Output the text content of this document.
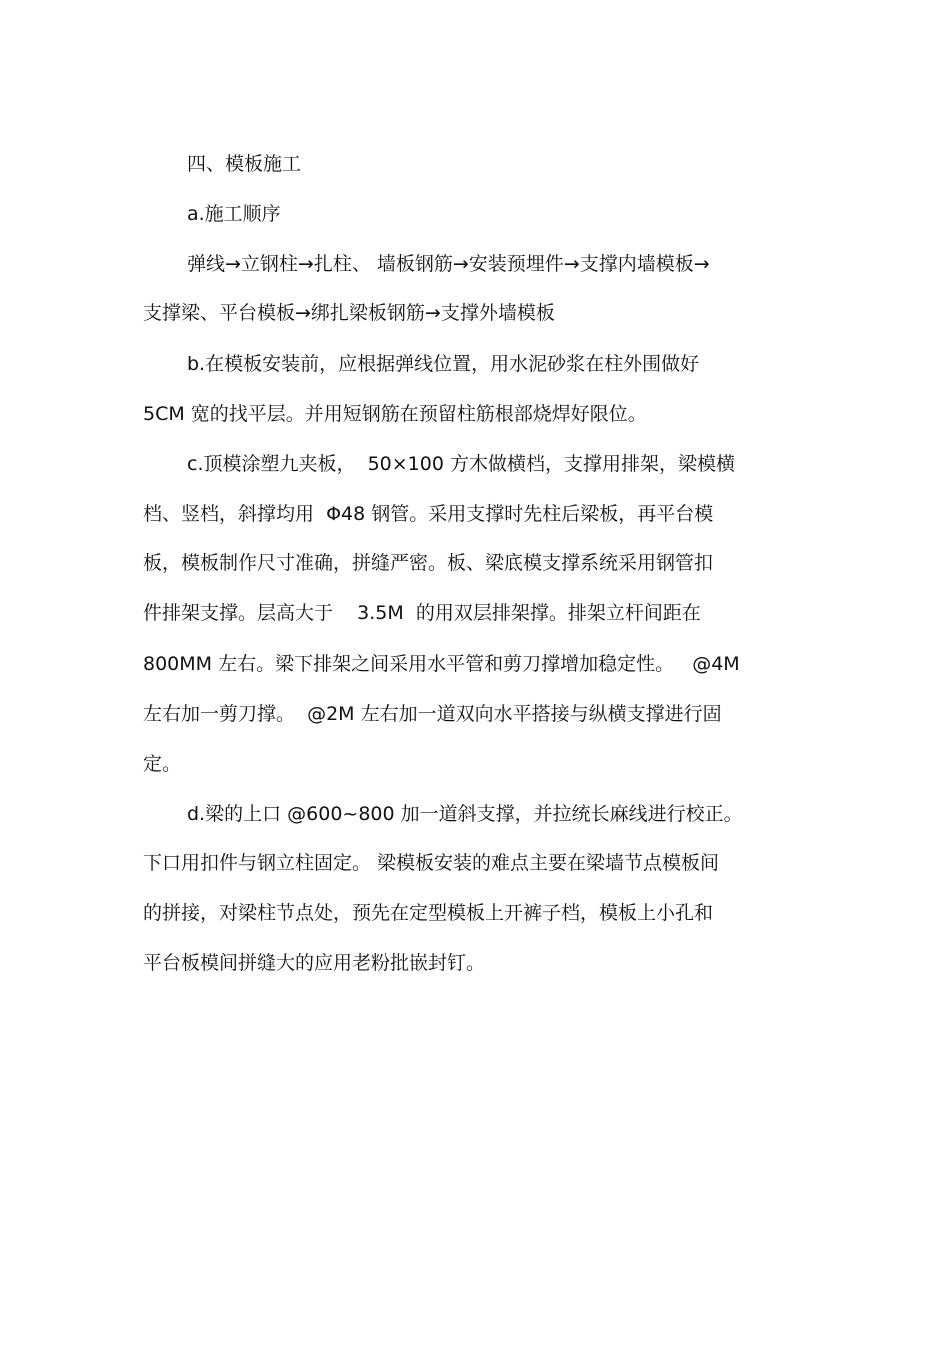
四、模板施工

a.施工顺序

弹线→立钢柱→扎柱、 墙板钢筋→安装预埋件→支撑内墙模板→

支撑梁、平台模板→绑扎梁板钢筋→支撑外墙模板

b.在模板安装前，应根据弹线位置，用水泥砂浆在柱外围做好

5CM 宽的找平层。并用短钢筋在预留柱筋根部烧焊好限位。

c.顶模涂塑九夹板，  50×100 方木做横档，支撑用排架，梁模横

档、竖档，斜撑均用  Φ48 钢管。采用支撑时先柱后梁板，再平台模

板，模板制作尺寸准确，拼缝严密。板、梁底模支撑系统采用钢管扣

件排架支撑。层高大于    3.5M  的用双层排架撑。排架立杆间距在

800MM 左右。梁下排架之间采用水平管和剪刀撑增加稳定性。   @4M

左右加一剪刀撑。  @2M 左右加一道双向水平搭接与纵横支撑进行固

定。

d.梁的上口 @600~800 加一道斜支撑，并拉统长麻线进行校正。

下口用扣件与钢立柱固定。 梁模板安装的难点主要在梁墙节点模板间

的拼接，对梁柱节点处，预先在定型模板上开裤子档，模板上小孔和

平台板模间拼缝大的应用老粉批嵌封钉。
